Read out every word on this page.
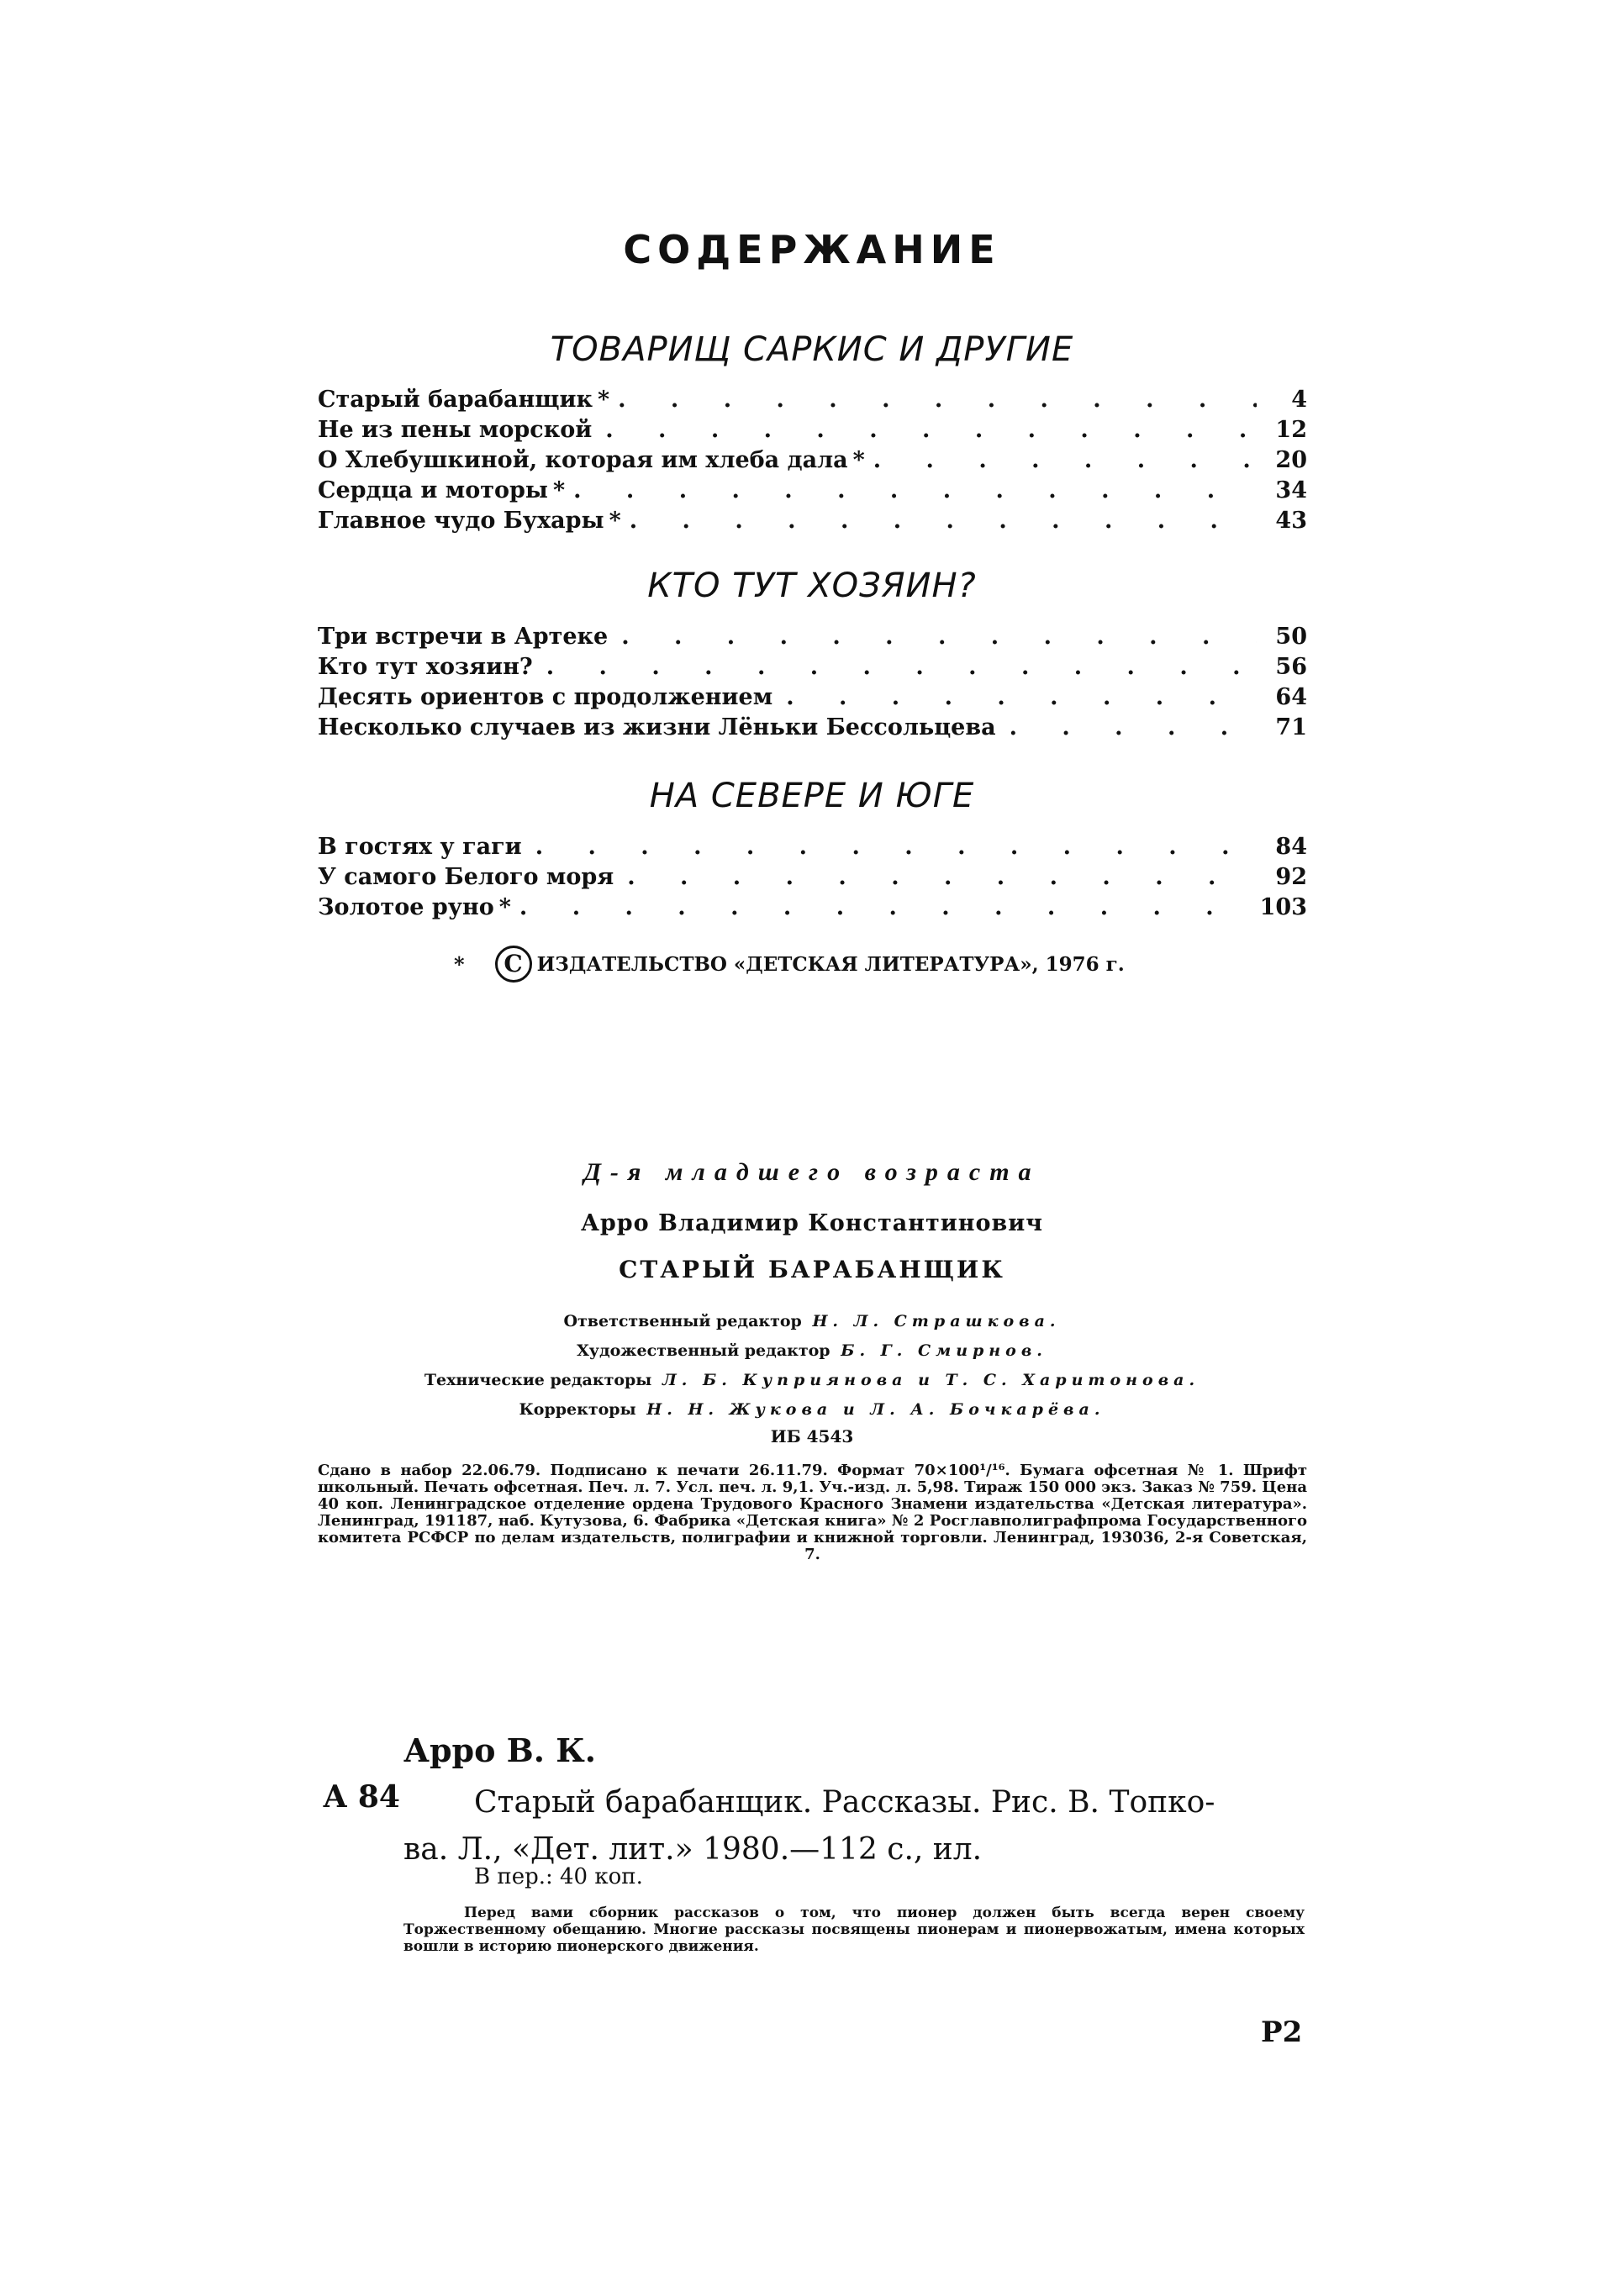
СОДЕРЖАНИЕ
ТОВАРИЩ САРКИС И ДРУГИЕ
Старый барабанщик * . . .	4
Не из пены морской . . .	12
О Хлебушкиной, которая им хлеба дала * . . .	20
Сердца и моторы * . . .	34
Главное чудо Бухары * . . .	43
КТО ТУТ ХОЗЯИН?
Три встречи в Артеке . . .	50
Кто тут хозяин? . . .	56
Десять ориентов с продолжением . . .	64
Несколько случаев из жизни Лёньки Бессольцева . . .	71
НА СЕВЕРЕ И ЮГЕ
В гостях у гаги . . .	84
У самого Белого моря . . .	92
Золотое руно * . . .	103
*	C ИЗДАТЕЛЬСТВО «ДЕТСКАЯ ЛИТЕРАТУРА», 1976 г.
Д-я младшего возраста
Арро Владимир Константинович
СТАРЫЙ БАРАБАНЩИК
Ответственный редактор Н. Л. Страшкова.
Художественный редактор Б. Г. Смирнов.
Технические редакторы Л. Б. Куприянова и Т. С. Харитонова.
Корректоры Н. Н. Жукова и Л. А. Бочкарёва.
ИБ 4543
Сдано в набор 22.06.79. Подписано к печати 26.11.79. Формат 70×100¹/¹⁶. Бумага офсетная № 1. Шрифт школьный. Печать офсетная. Печ. л. 7. Усл. печ. л. 9,1. Уч.-изд. л. 5,98. Тираж 150 000 экз. Заказ № 759. Цена 40 коп. Ленинградское отделение ордена Трудового Красного Знамени издательства «Детская литература». Ленинград, 191187, наб. Кутузова, 6. Фабрика «Детская книга» № 2 Росглавполиграфпрома Государственного комитета РСФСР по делам издательств, полиграфии и книжной торговли. Ленинград, 193036, 2-я Советская, 7.
Арро В. К.
А 84 Старый барабанщик. Рассказы. Рис. В. Топко-
ва. Л., «Дет. лит.» 1980.—112 с., ил.
В пер.: 40 коп.
Перед вами сборник рассказов о том, что пионер должен быть всегда верен своему Торжественному обещанию. Многие рассказы посвящены пионерам и пионервожатым, имена которых вошли в историю пионерского движения.
Р2
